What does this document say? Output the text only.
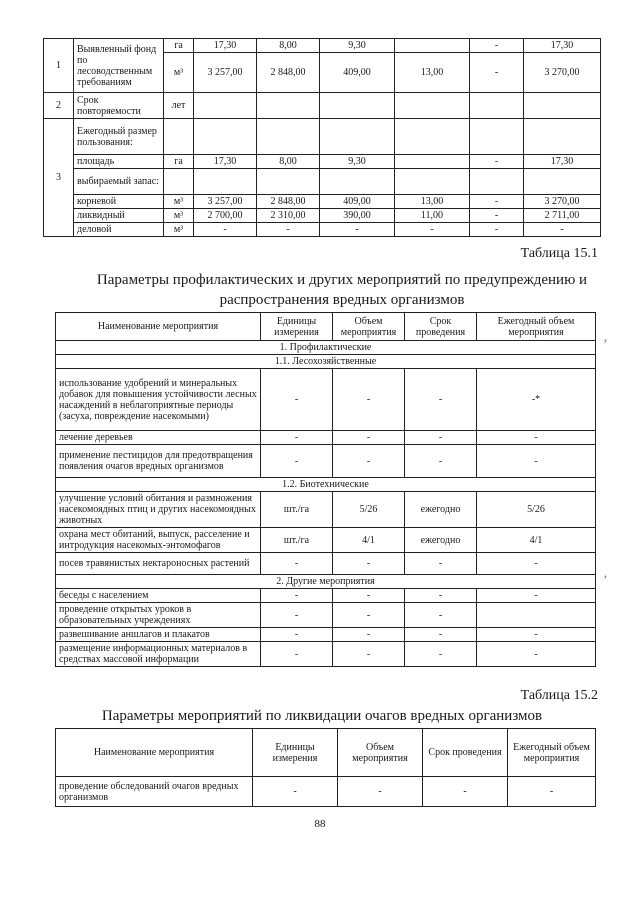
1	Выявленный фонд по лесоводственным требованиям	га	17,30	8,00	9,30		-	17,30
		м³	3 257,00	2 848,00	409,00	13,00	-	3 270,00
2	Срок повторяемости	лет						
3	Ежегодный размер пользования:							
	площадь	га	17,30	8,00	9,30		-	17,30
	выбираемый запас:							
	корневой	м³	3 257,00	2 848,00	409,00	13,00	-	3 270,00
	ликвидный	м³	2 700,00	2 310,00	390,00	11,00	-	2 711,00
	деловой	м³	-	-	-	-	-	-
Таблица 15.1
Параметры профилактических и других мероприятий по предупреждению и распространения вредных организмов
Наименование мероприятия	Единицы измерения	Объем мероприятия	Срок проведения	Ежегодный объем мероприятия
1. Профилактические				
1.1. Лесохозяйственные				
использование удобрений и минеральных добавок для повышения устойчивости лесных насаждений в неблагоприятные периоды (засуха, повреждение насекомыми)	-	-	-	-*
лечение деревьев	-	-	-	-
применение пестицидов для предотвращения появления очагов вредных организмов	-	-	-	-
1.2. Биотехнические				
улучшение условий обитания и размножения насекомоядных птиц и других насекомоядных животных	шт./га	5/26	ежегодно	5/26
охрана мест обитаний, выпуск, расселение и интродукция насекомых-энтомофагов	шт./га	4/1	ежегодно	4/1
посев травянистых нектароносных растений	-	-	-	-
2. Другие мероприятия				
беседы с населением	-	-	-	-
проведение открытых уроков в образовательных учреждениях	-	-	-	
развешивание аншлагов и плакатов	-	-	-	-
размещение информационных материалов в средствах массовой информации	-	-	-	-
Таблица 15.2
Параметры мероприятий по ликвидации очагов вредных организмов
Наименование мероприятия	Единицы измерения	Объем мероприятия	Срок проведения	Ежегодный объем мероприятия
проведение обследований очагов вредных организмов	-	-	-	-
88
‚
‚
